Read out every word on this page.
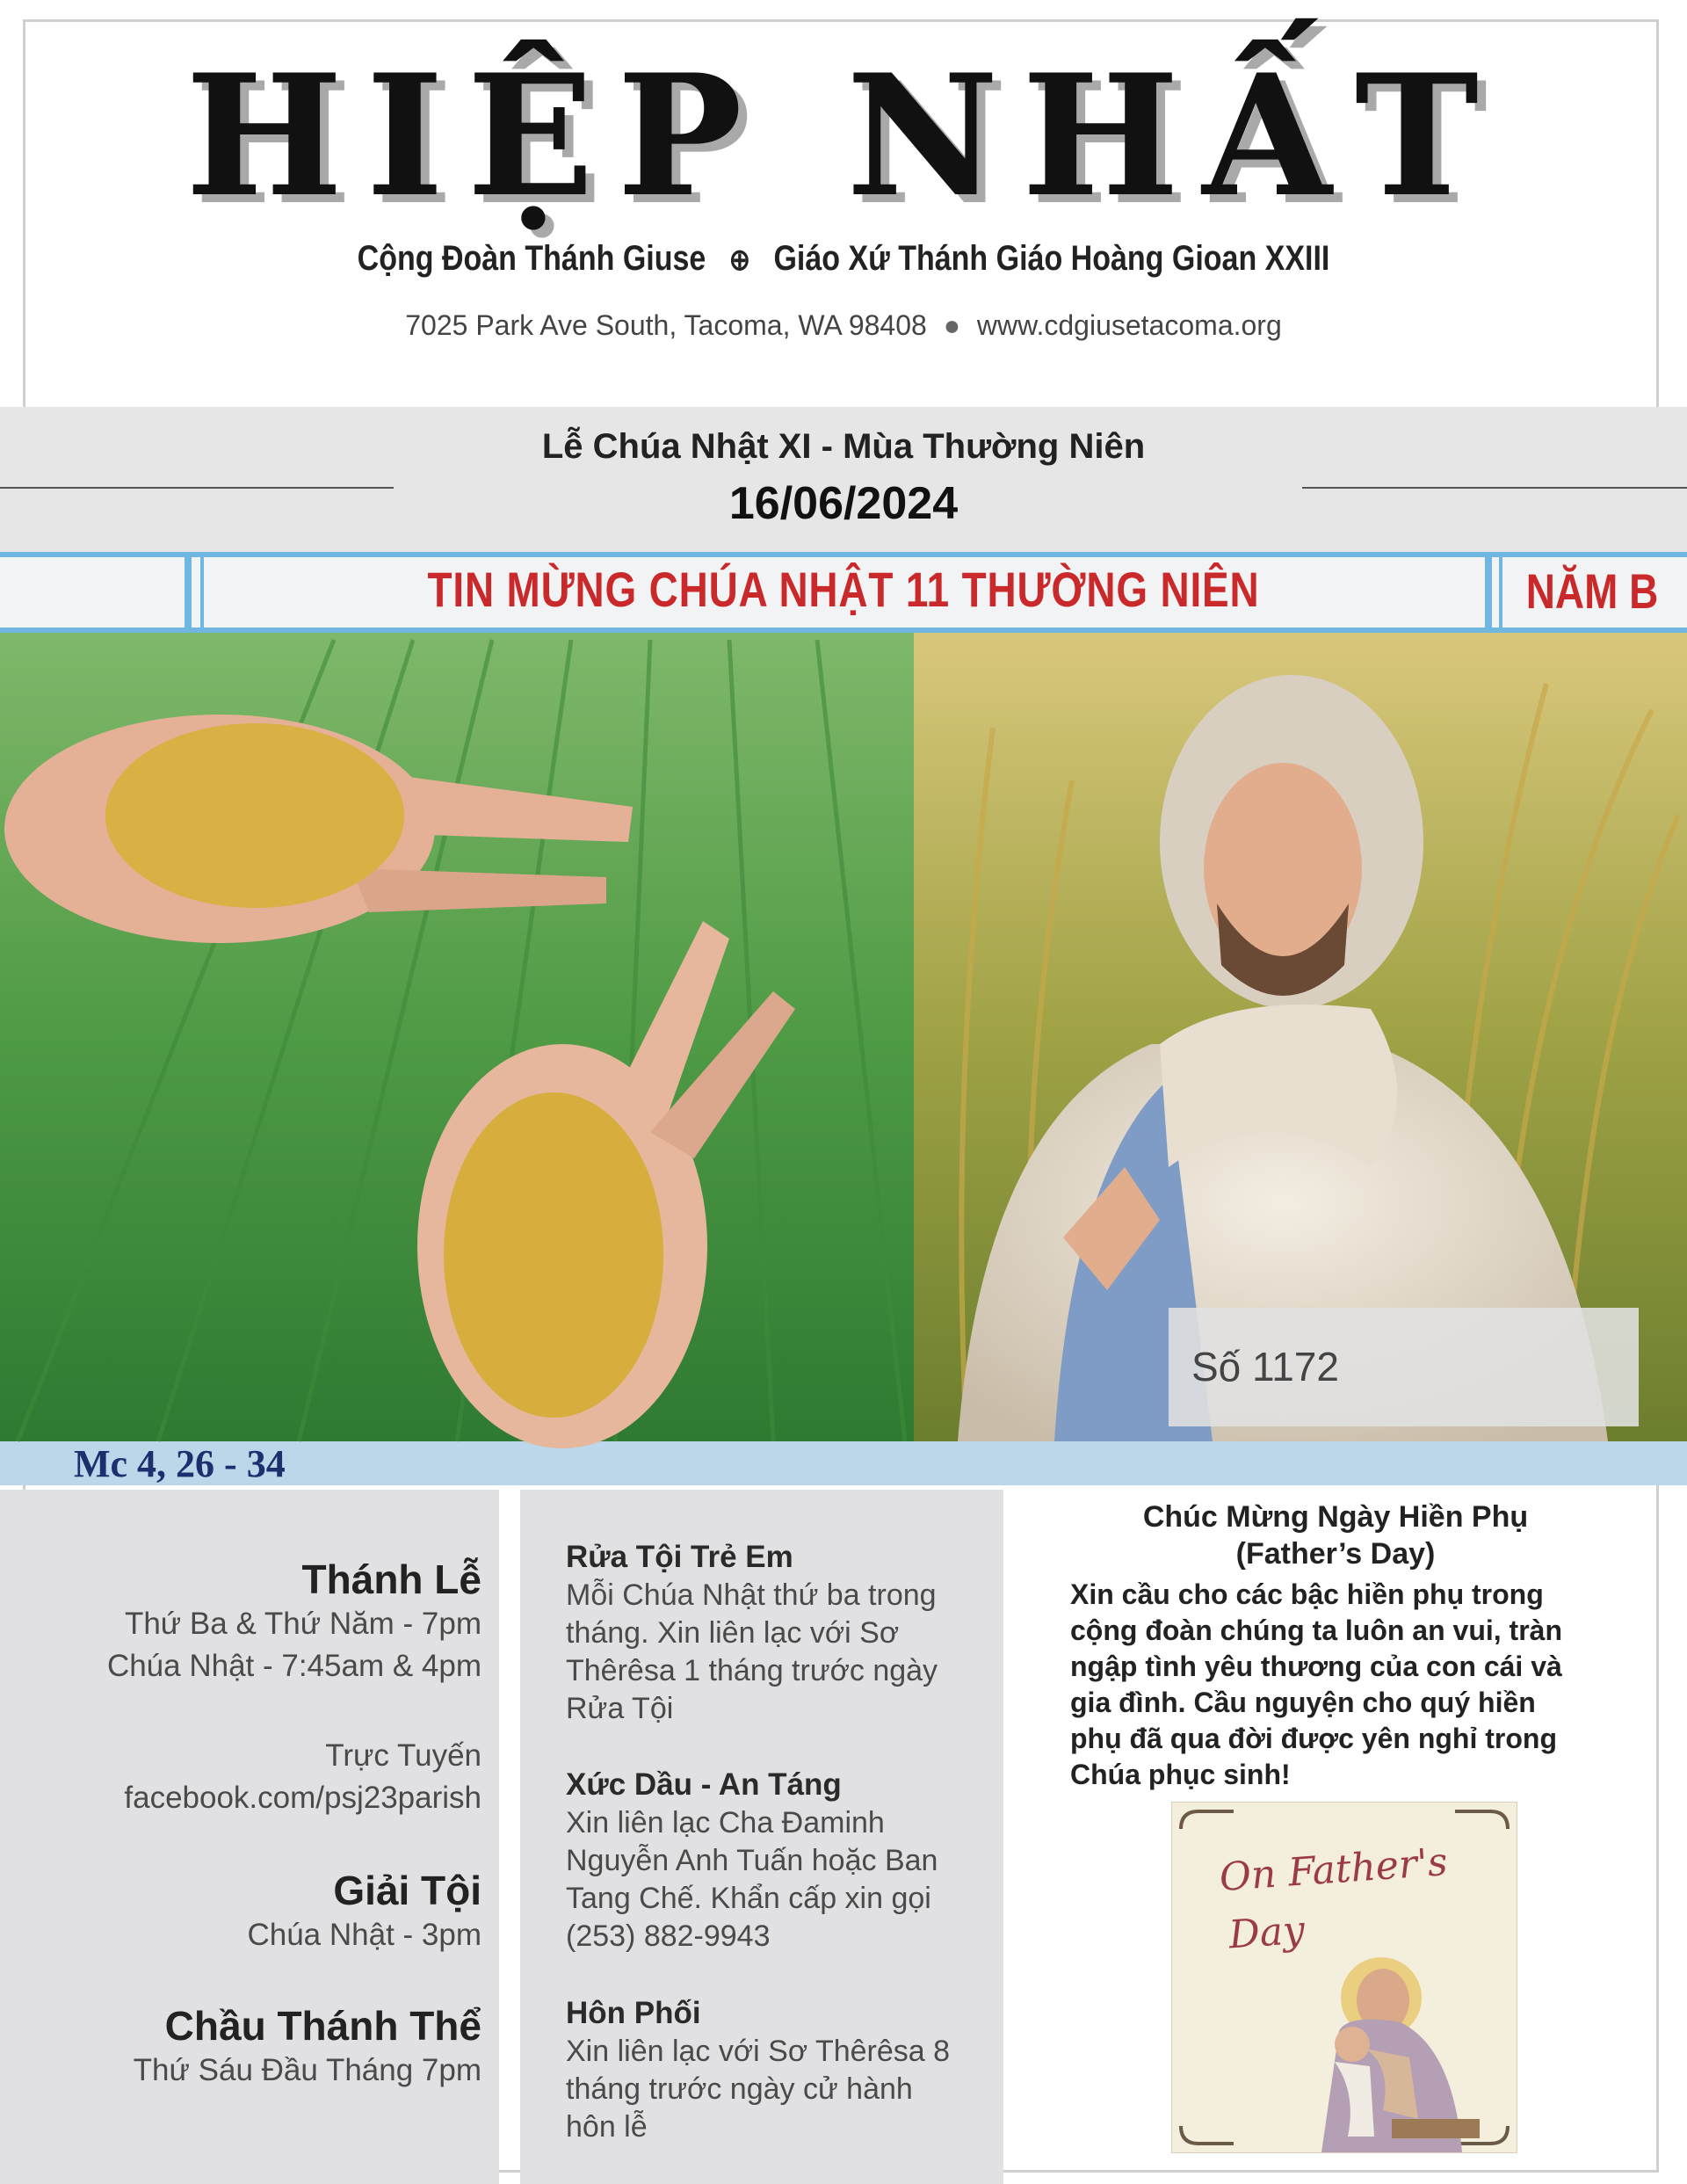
HIỆP NHẤT
Cộng Đoàn Thánh Giuse ⊕ Giáo Xứ Thánh Giáo Hoàng Gioan XXIII
7025 Park Ave South, Tacoma, WA 98408 ● www.cdgiusetacoma.org
Lễ Chúa Nhật XI - Mùa Thường Niên
16/06/2024
TIN MỪNG CHÚA NHẬT 11 THƯỜNG NIÊN	NĂM B
Mc 4, 26 - 34
Số 1172
Thánh Lễ
Thứ Ba & Thứ Năm - 7pm
Chúa Nhật - 7:45am & 4pm
Trực Tuyến
facebook.com/psj23parish
Giải Tội
Chúa Nhật - 3pm
Chầu Thánh Thể
Thứ Sáu Đầu Tháng 7pm
Rửa Tội Trẻ Em
Mỗi Chúa Nhật thứ ba trong
tháng. Xin liên lạc với Sơ
Thêrêsa 1 tháng trước ngày
Rửa Tội
Xức Dầu - An Táng
Xin liên lạc Cha Đaminh
Nguyễn Anh Tuấn hoặc Ban
Tang Chế. Khẩn cấp xin gọi
(253) 882-9943
Hôn Phối
Xin liên lạc với Sơ Thêrêsa 8
tháng trước ngày cử hành
hôn lễ
Chúc Mừng Ngày Hiền Phụ
(Father’s Day)
Xin cầu cho các bậc hiền phụ trong
cộng đoàn chúng ta luôn an vui, tràn
ngập tình yêu thương của con cái và
gia đình. Cầu nguyện cho quý hiền
phụ đã qua đời được yên nghỉ trong
Chúa phục sinh!
On Father's
Day
